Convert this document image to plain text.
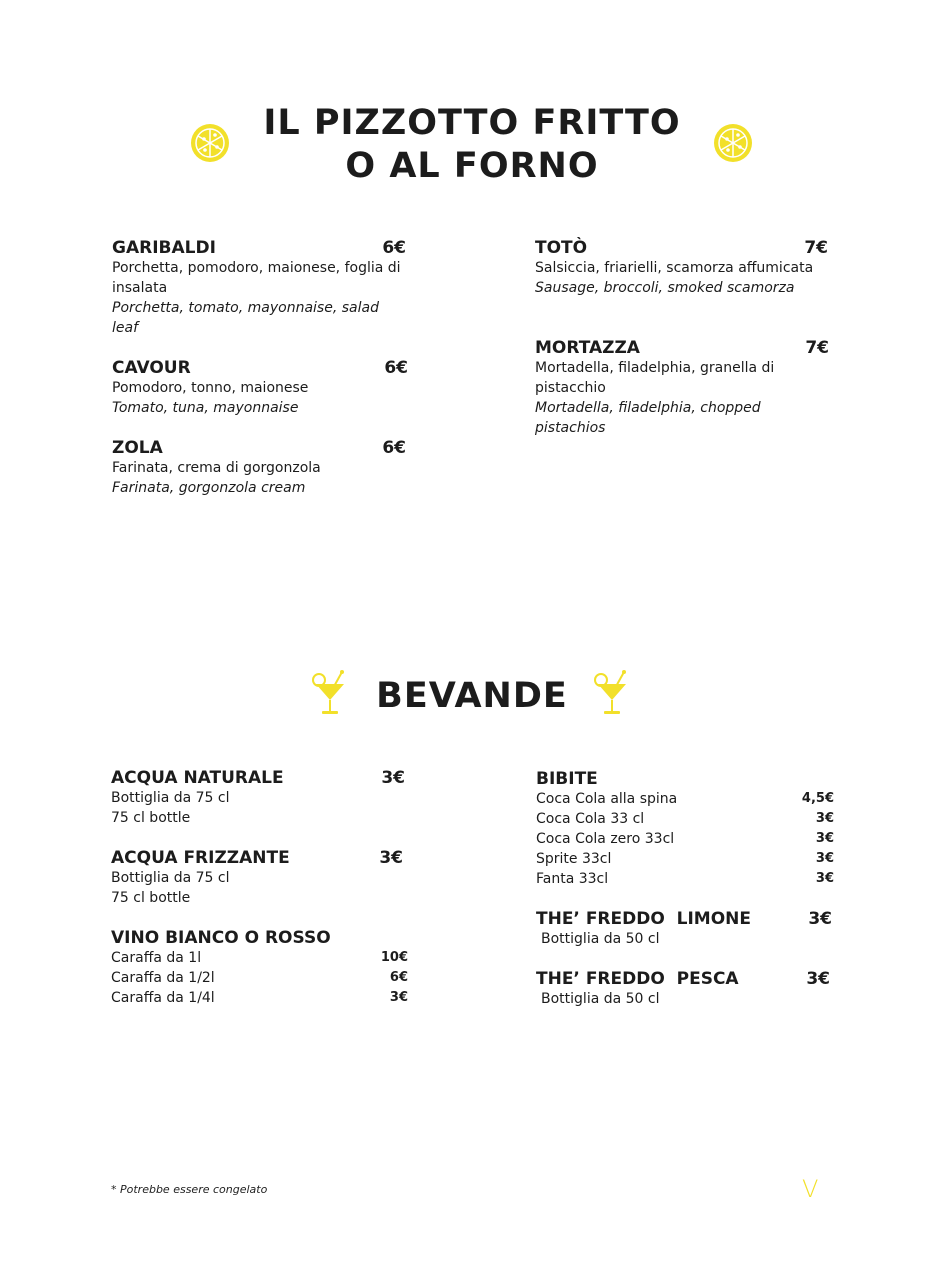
IL PIZZOTTO FRITTO
O AL FORNO
GARIBALDI	6€
Porchetta, pomodoro, maionese, foglia di insalata
Porchetta, tomato, mayonnaise, salad leaf
CAVOUR	6€
Pomodoro, tonno, maionese
Tomato, tuna, mayonnaise
ZOLA	6€
Farinata, crema di gorgonzola
Farinata, gorgonzola cream
TOTÒ	7€
Salsiccia, friarielli, scamorza affumicata
Sausage, broccoli, smoked scamorza
MORTAZZA	7€
Mortadella, filadelphia, granella di pistacchio
Mortadella, filadelphia, chopped pistachios
BEVANDE
ACQUA NATURALE	3€
Bottiglia da 75 cl
75 cl bottle
ACQUA FRIZZANTE	3€
Bottiglia da 75 cl
75 cl bottle
VINO BIANCO O ROSSO
Caraffa da 1l	10€
Caraffa da 1/2l	6€
Caraffa da 1/4l	3€
BIBITE
Coca Cola alla spina	4,5€
Coca Cola 33 cl	3€
Coca Cola zero 33cl	3€
Sprite 33cl	3€
Fanta 33cl	3€
THE’ FREDDO  LIMONE	3€
Bottiglia da 50 cl
THE’ FREDDO  PESCA	3€
Bottiglia da 50 cl
* Potrebbe essere congelato	V
